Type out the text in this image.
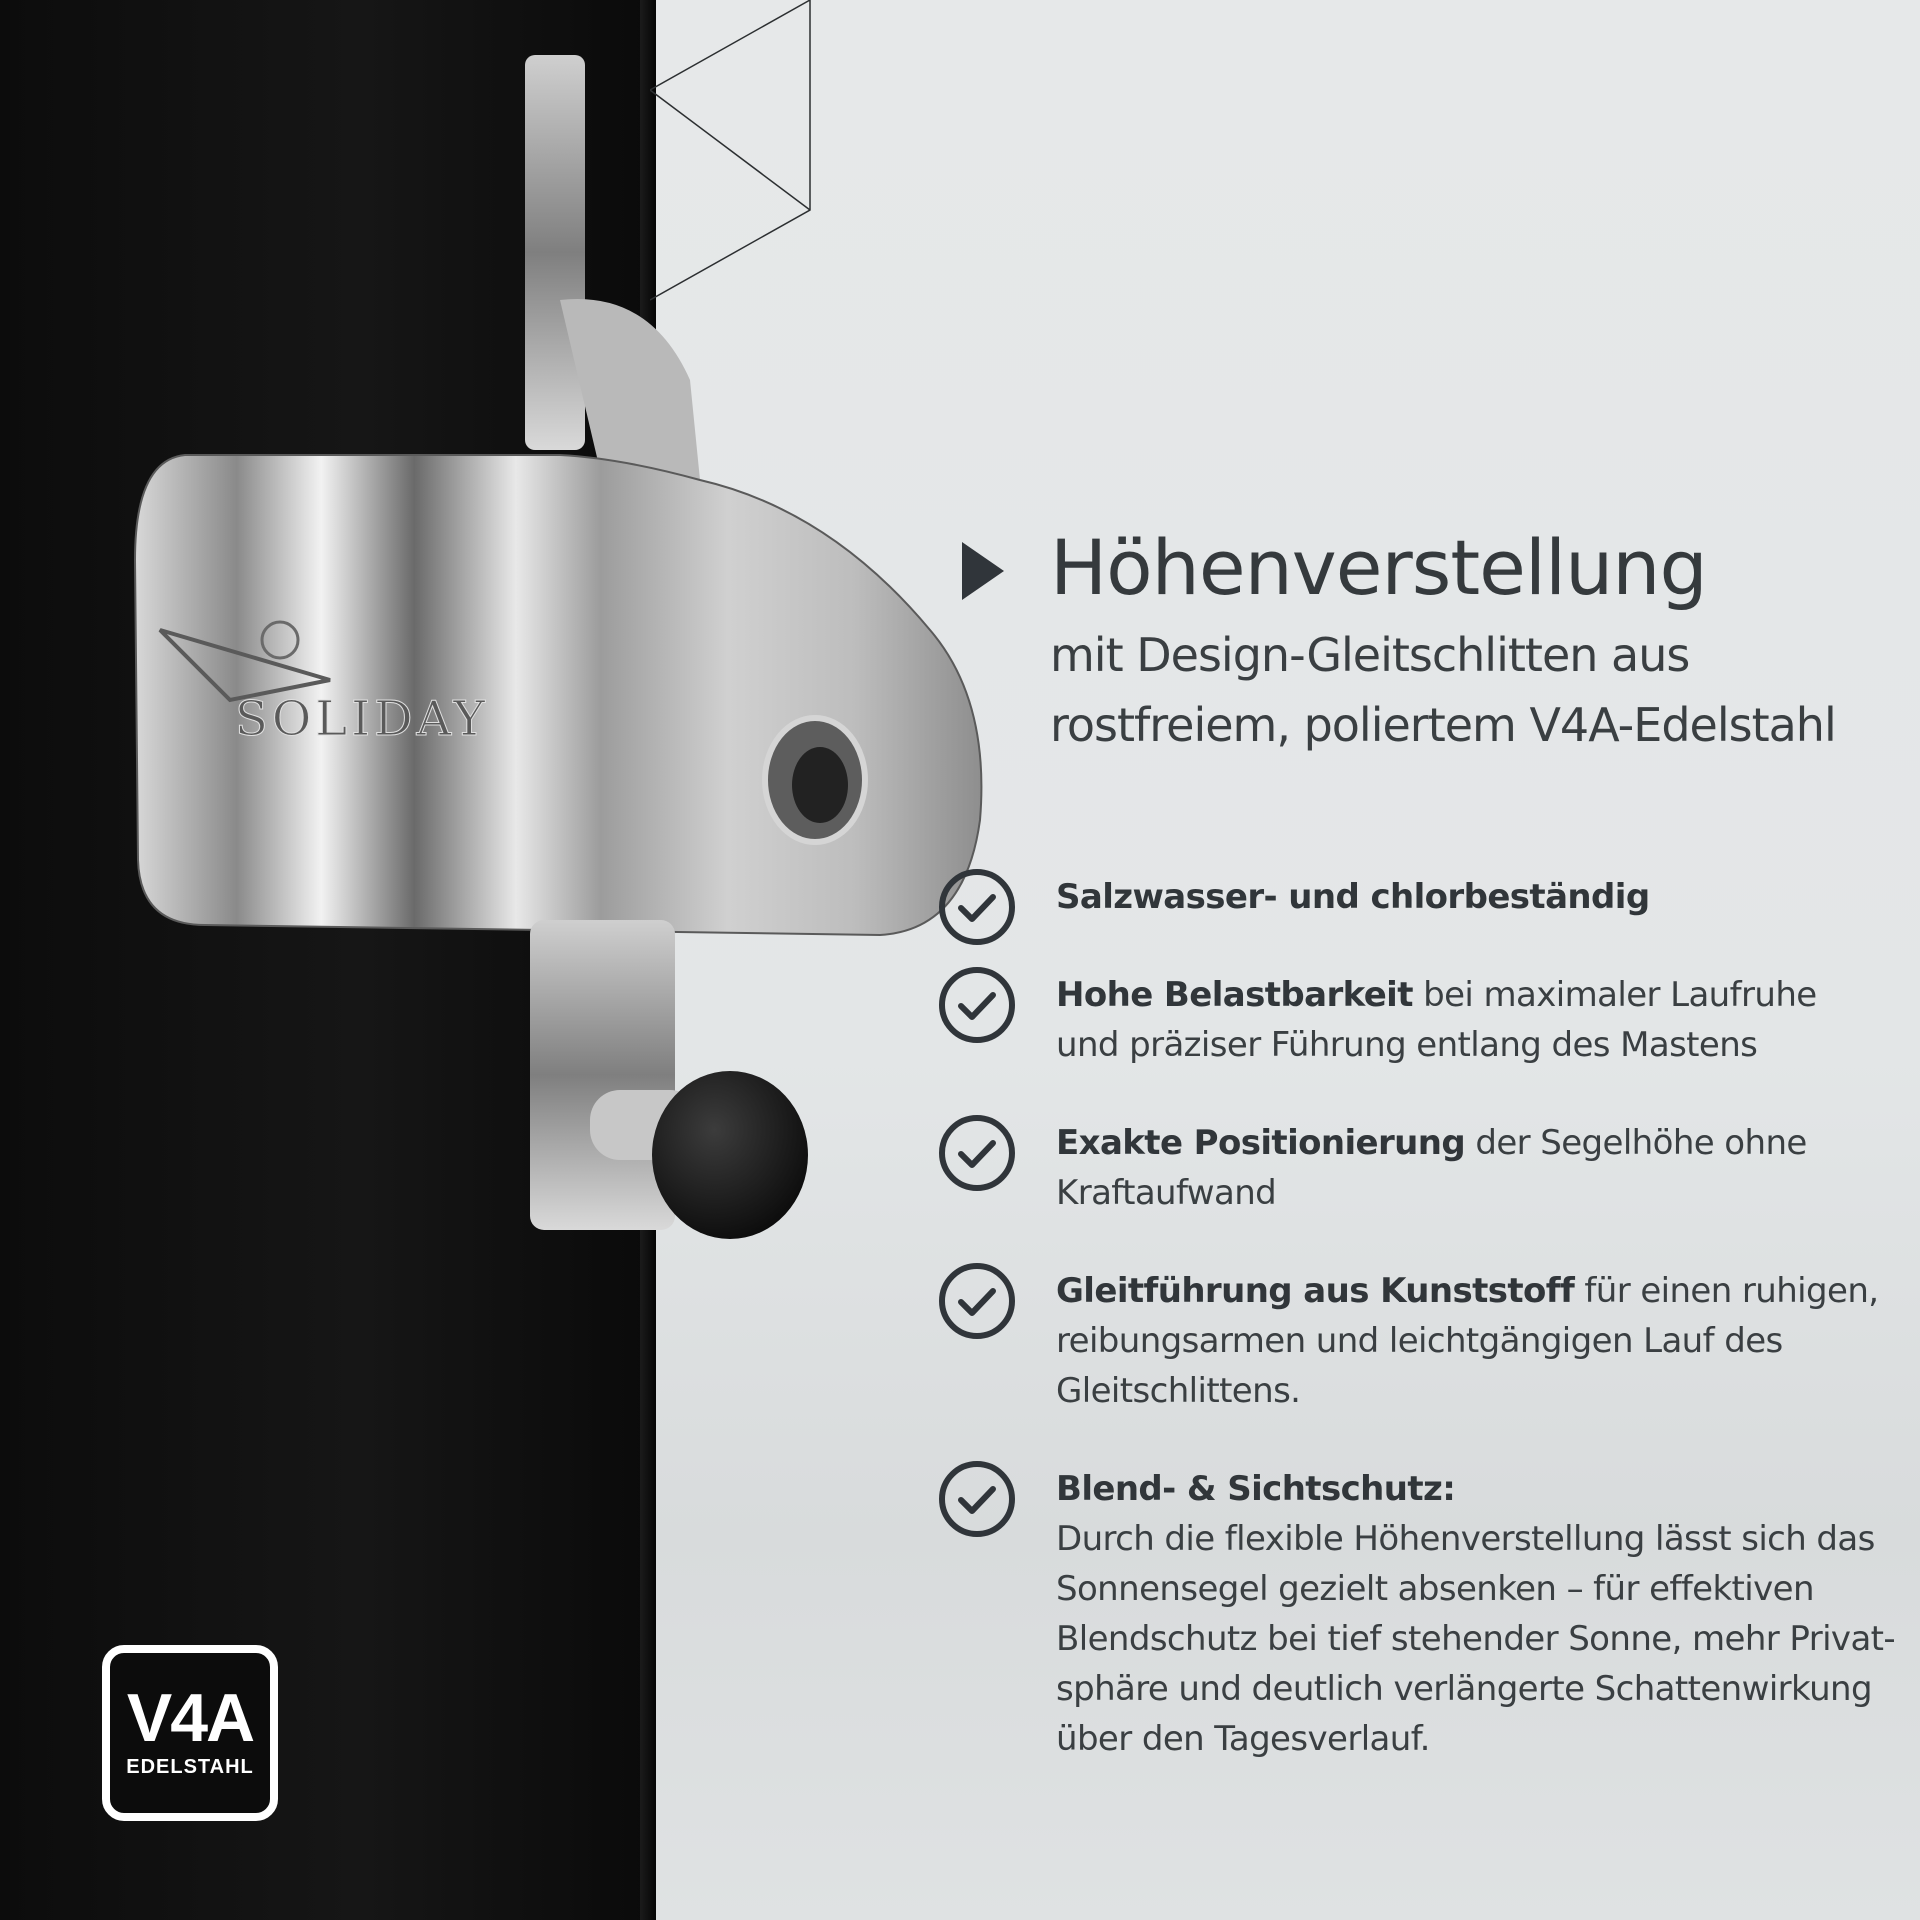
SOLIDAY
V4A
EDELSTAHL
Höhenverstellung

mit Design-Gleitschlitten aus
rostfreiem, poliertem V4A-Edelstahl

Salzwasser- und chlorbeständig
Hohe Belastbarkeit bei maximaler Laufruhe
und präziser Führung entlang des Mastens
Exakte Positionierung der Segelhöhe ohne
Kraftaufwand
Gleitführung aus Kunststoff für einen ruhigen,
reibungsarmen und leichtgängigen Lauf des
Gleitschlittens.
Blend- & Sichtschutz:
Durch die flexible Höhenverstellung lässt sich das
Sonnensegel gezielt absenken – für effektiven
Blendschutz bei tief stehender Sonne, mehr Privat-
sphäre und deutlich verlängerte Schattenwirkung
über den Tagesverlauf.
